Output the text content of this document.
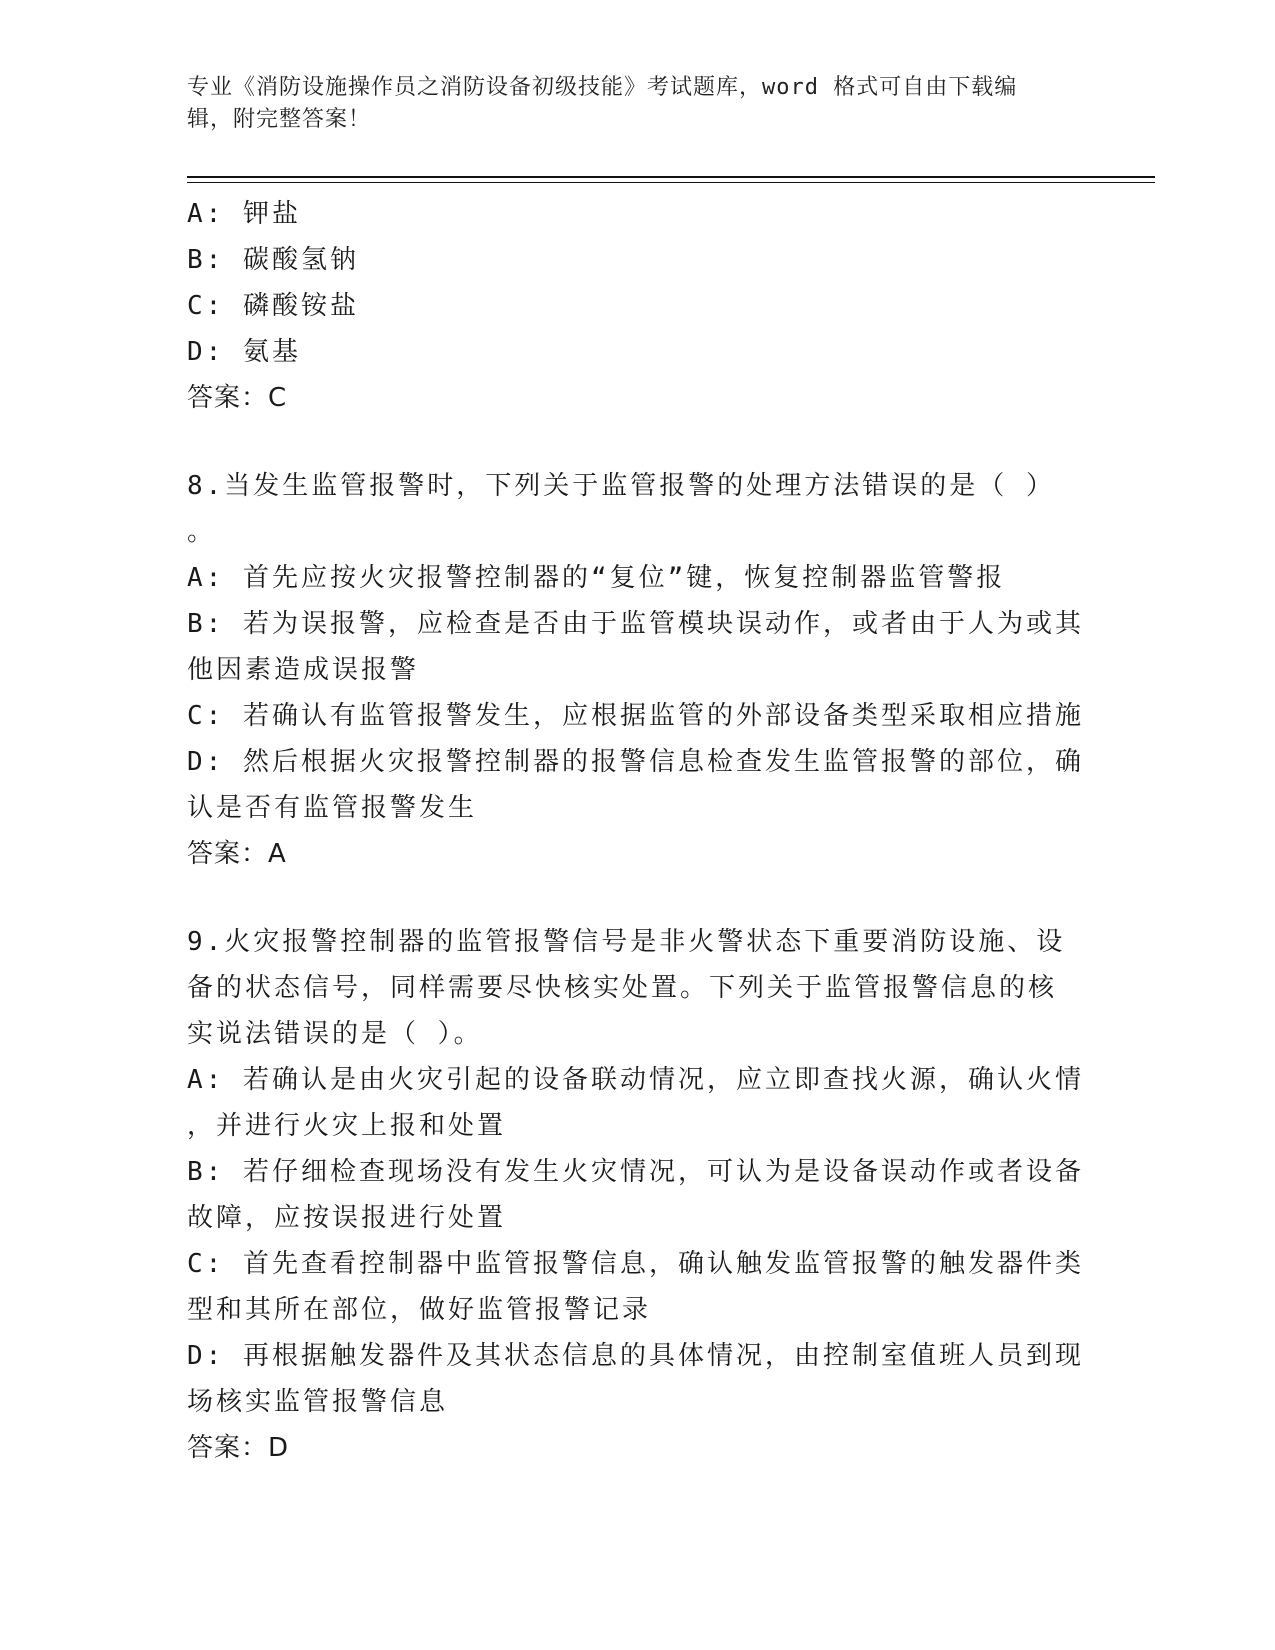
专业《消防设施操作员之消防设备初级技能》考试题库，word 格式可自由下载编
辑，附完整答案！
A: 钾盐
B: 碳酸氢钠
C: 磷酸铵盐
D: 氨基
答案：C
8.当发生监管报警时，下列关于监管报警的处理方法错误的是（ ）
。
A: 首先应按火灾报警控制器的“复位”键，恢复控制器监管警报
B: 若为误报警，应检查是否由于监管模块误动作，或者由于人为或其
他因素造成误报警
C: 若确认有监管报警发生，应根据监管的外部设备类型采取相应措施
D: 然后根据火灾报警控制器的报警信息检查发生监管报警的部位，确
认是否有监管报警发生
答案：A
9.火灾报警控制器的监管报警信号是非火警状态下重要消防设施、设
备的状态信号，同样需要尽快核实处置。下列关于监管报警信息的核
实说法错误的是（ ）。
A: 若确认是由火灾引起的设备联动情况，应立即查找火源，确认火情
，并进行火灾上报和处置
B: 若仔细检查现场没有发生火灾情况，可认为是设备误动作或者设备
故障，应按误报进行处置
C: 首先查看控制器中监管报警信息，确认触发监管报警的触发器件类
型和其所在部位，做好监管报警记录
D: 再根据触发器件及其状态信息的具体情况，由控制室值班人员到现
场核实监管报警信息
答案：D
